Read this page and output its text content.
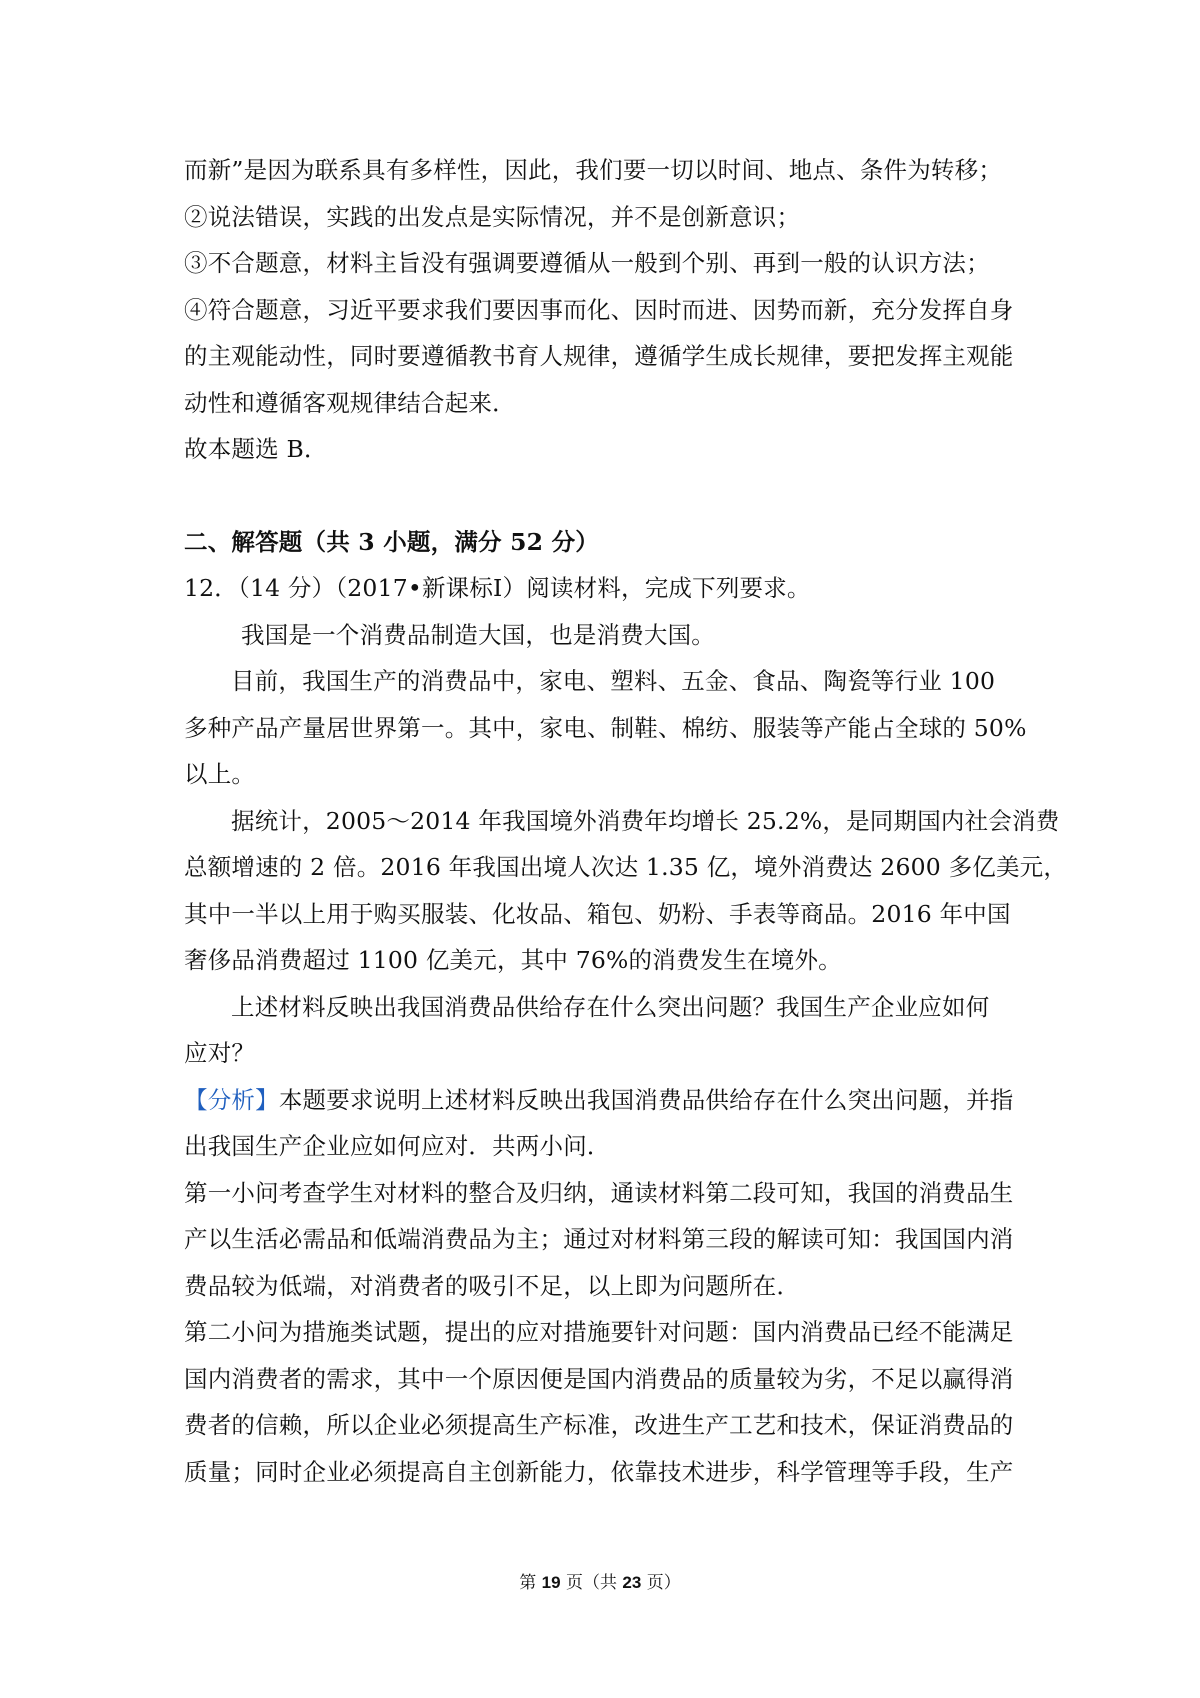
而新”是因为联系具有多样性，因此，我们要一切以时间、地点、条件为转移；

②说法错误，实践的出发点是实际情况，并不是创新意识；

③不合题意，材料主旨没有强调要遵循从一般到个别、再到一般的认识方法；

④符合题意，习近平要求我们要因事而化、因时而进、因势而新，充分发挥自身

的主观能动性，同时要遵循教书育人规律，遵循学生成长规律，要把发挥主观能

动性和遵循客观规律结合起来．

故本题选 B．

二、解答题（共 3 小题，满分 52 分）

12．（14 分）（2017•新课标Ⅰ）阅读材料，完成下列要求。

我国是一个消费品制造大国，也是消费大国。

目前，我国生产的消费品中，家电、塑料、五金、食品、陶瓷等行业 100

多种产品产量居世界第一。其中，家电、制鞋、棉纺、服装等产能占全球的 50%

以上。

据统计，2005～2014 年我国境外消费年均增长 25.2%，是同期国内社会消费

总额增速的 2 倍。2016 年我国出境人次达 1.35 亿，境外消费达 2600 多亿美元，

其中一半以上用于购买服装、化妆品、箱包、奶粉、手表等商品。2016 年中国

奢侈品消费超过 1100 亿美元，其中 76%的消费发生在境外。

上述材料反映出我国消费品供给存在什么突出问题？我国生产企业应如何

应对？

【分析】本题要求说明上述材料反映出我国消费品供给存在什么突出问题，并指

出我国生产企业应如何应对．共两小问．

第一小问考查学生对材料的整合及归纳，通读材料第二段可知，我国的消费品生

产以生活必需品和低端消费品为主；通过对材料第三段的解读可知：我国国内消

费品较为低端，对消费者的吸引不足，以上即为问题所在．

第二小问为措施类试题，提出的应对措施要针对问题：国内消费品已经不能满足

国内消费者的需求，其中一个原因便是国内消费品的质量较为劣，不足以赢得消

费者的信赖，所以企业必须提高生产标准，改进生产工艺和技术，保证消费品的

质量；同时企业必须提高自主创新能力，依靠技术进步，科学管理等手段，生产

第 19 页（共 23 页）
